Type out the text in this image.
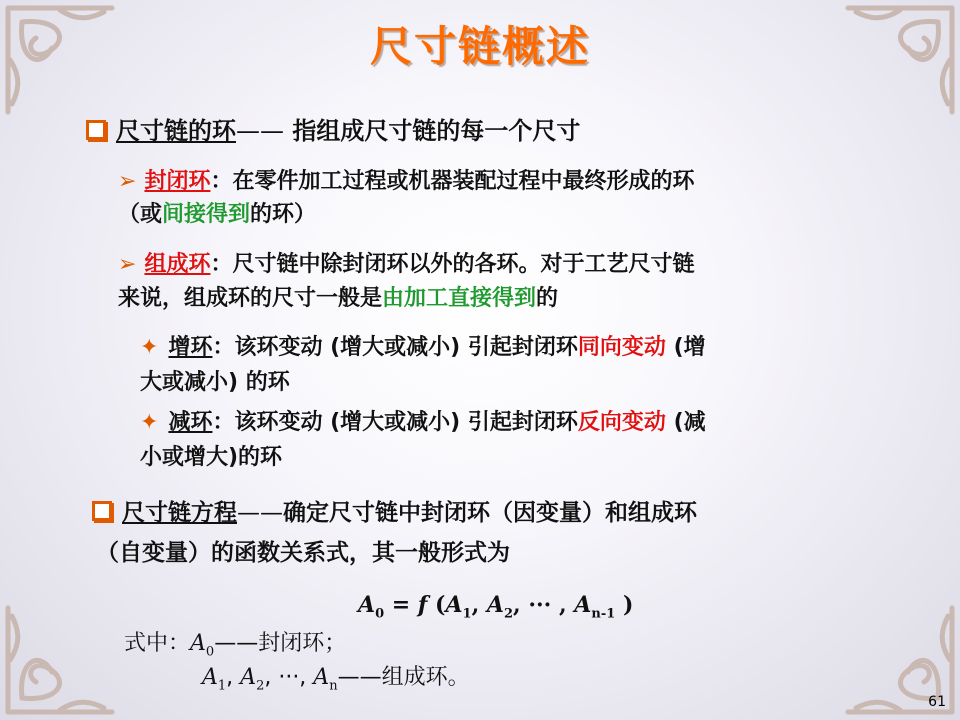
尺寸链概述
尺寸链的环—— 指组成尺寸链的每一个尺寸
➢ 封闭环：在零件加工过程或机器装配过程中最终形成的环
（或间接得到的环）
➢ 组成环：尺寸链中除封闭环以外的各环。对于工艺尺寸链
来说，组成环的尺寸一般是由加工直接得到的
✦ 增环：该环变动 (增大或减小) 引起封闭环同向变动 (增
大或减小) 的环
✦ 减环：该环变动 (增大或减小) 引起封闭环反向变动 (减
小或增大)的环
尺寸链方程——确定尺寸链中封闭环（因变量）和组成环
（自变量）的函数关系式，其一般形式为
$A_0 = f$ ($A_1$, $A_2$, ··· , $A_{n-1}$ )
式中：$A_0——$封闭环；
$A_1$, $A_2$, ···, $A_n——$组成环。
61
